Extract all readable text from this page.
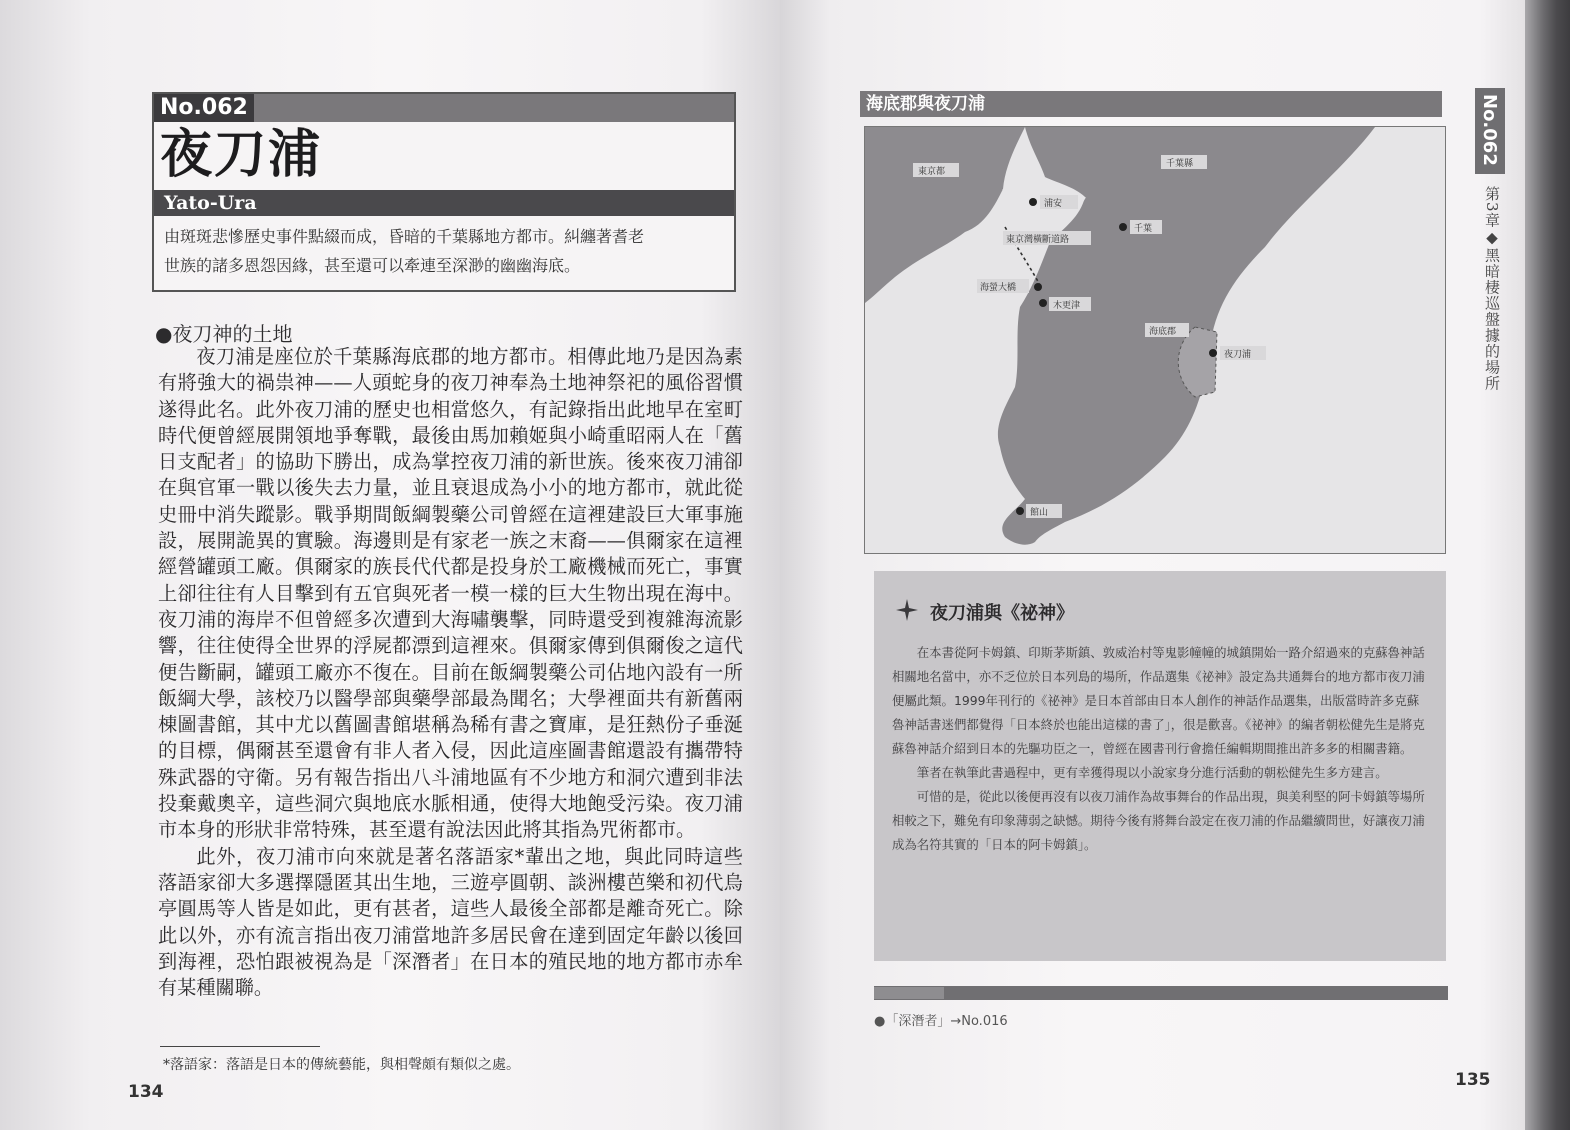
No.062
夜刀浦
Yato-Ura
由斑斑悲慘歷史事件點綴而成，昏暗的千葉縣地方都市。糾纏著耆老
世族的諸多恩怨因緣，甚至還可以牽連至深渺的幽幽海底。
●夜刀神的土地

夜刀浦是座位於千葉縣海底郡的地方都市。相傳此地乃是因為素有將強大的禍祟神——人頭蛇身的夜刀神奉為土地神祭祀的風俗習慣遂得此名。此外夜刀浦的歷史也相當悠久，有記錄指出此地早在室町時代便曾經展開領地爭奪戰，最後由馬加賴姬與小崎重昭兩人在「舊日支配者」的協助下勝出，成為掌控夜刀浦的新世族。後來夜刀浦卻在與官軍一戰以後失去力量，並且衰退成為小小的地方都市，就此從史冊中消失蹤影。戰爭期間飯綱製藥公司曾經在這裡建設巨大軍事施設，展開詭異的實驗。海邊則是有家老一族之末裔——俱爾家在這裡經營罐頭工廠。俱爾家的族長代代都是投身於工廠機械而死亡，事實上卻往往有人目擊到有五官與死者一模一樣的巨大生物出現在海中。夜刀浦的海岸不但曾經多次遭到大海嘯襲擊，同時還受到複雜海流影響，往往使得全世界的浮屍都漂到這裡來。俱爾家傳到俱爾俊之這代便告斷嗣，罐頭工廠亦不復在。目前在飯綱製藥公司佔地內設有一所飯綱大學，該校乃以醫學部與藥學部最為聞名；大學裡面共有新舊兩棟圖書館，其中尤以舊圖書館堪稱為稀有書之寶庫，是狂熱份子垂涎的目標，偶爾甚至還會有非人者入侵，因此這座圖書館還設有攜帶特殊武器的守衛。另有報告指出八斗浦地區有不少地方和洞穴遭到非法投棄戴奧辛，這些洞穴與地底水脈相通，使得大地飽受污染。夜刀浦市本身的形狀非常特殊，甚至還有說法因此將其指為咒術都市。

此外，夜刀浦市向來就是著名落語家*輩出之地，與此同時這些落語家卻大多選擇隱匿其出生地，三遊亭圓朝、談洲樓芭樂和初代烏亭圓馬等人皆是如此，更有甚者，這些人最後全部都是離奇死亡。除此以外，亦有流言指出夜刀浦當地許多居民會在達到固定年齡以後回到海裡，恐怕跟被視為是「深潛者」在日本的殖民地的地方都市赤牟有某種關聯。

*落語家：落語是日本的傳統藝能，與相聲頗有類似之處。
134
海底郡與夜刀浦
東京都
千葉縣
浦安
千葉
東京灣橫斷道路
海螢大橋
木更津
海底郡
夜刀浦
館山
No.062
第3章◆黑暗棲巡盤據的場所
夜刀浦與《祕神》

在本書從阿卡姆鎮、印斯茅斯鎮、敦威治村等鬼影幢幢的城鎮開始一路介紹過來的克蘇魯神話相關地名當中，亦不乏位於日本列島的場所，作品選集《祕神》設定為共通舞台的地方都市夜刀浦便屬此類。1999年刊行的《祕神》是日本首部由日本人創作的神話作品選集，出版當時許多克蘇魯神話書迷們都覺得「日本終於也能出這樣的書了」，很是歡喜。《祕神》的編者朝松健先生是將克蘇魯神話介紹到日本的先驅功臣之一，曾經在國書刊行會擔任編輯期間推出許多多的相關書籍。

筆者在執筆此書過程中，更有幸獲得現以小說家身分進行活動的朝松健先生多方建言。

可惜的是，從此以後便再沒有以夜刀浦作為故事舞台的作品出現，與美利堅的阿卡姆鎮等場所相較之下，難免有印象薄弱之缺憾。期待今後有將舞台設定在夜刀浦的作品繼續問世，好讓夜刀浦成為名符其實的「日本的阿卡姆鎮」。

●「深潛者」→No.016
135
